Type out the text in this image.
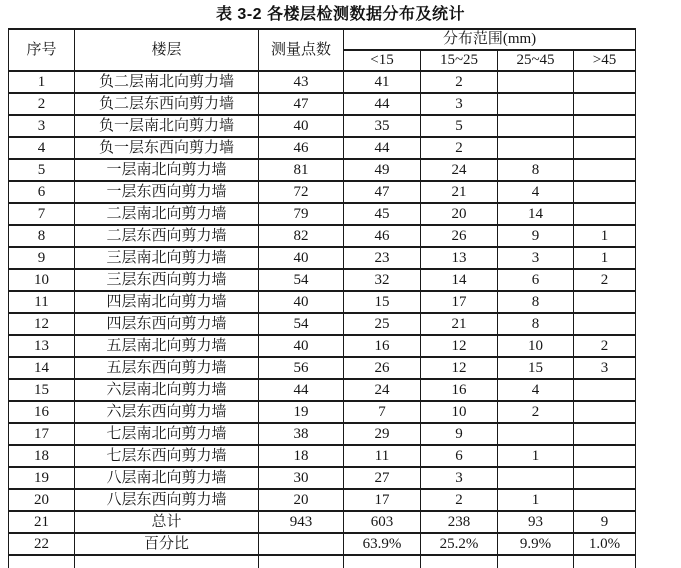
表 3-2 各楼层检测数据分布及统计
序号	楼层	测量点数	分布范围(mm)			
			<15	15~25	25~45	>45
1	负二层南北向剪力墙	43	41	2		
2	负二层东西向剪力墙	47	44	3		
3	负一层南北向剪力墙	40	35	5		
4	负一层东西向剪力墙	46	44	2		
5	一层南北向剪力墙	81	49	24	8	
6	一层东西向剪力墙	72	47	21	4	
7	二层南北向剪力墙	79	45	20	14	
8	二层东西向剪力墙	82	46	26	9	1
9	三层南北向剪力墙	40	23	13	3	1
10	三层东西向剪力墙	54	32	14	6	2
11	四层南北向剪力墙	40	15	17	8	
12	四层东西向剪力墙	54	25	21	8	
13	五层南北向剪力墙	40	16	12	10	2
14	五层东西向剪力墙	56	26	12	15	3
15	六层南北向剪力墙	44	24	16	4	
16	六层东西向剪力墙	19	7	10	2	
17	七层南北向剪力墙	38	29	9		
18	七层东西向剪力墙	18	11	6	1	
19	八层南北向剪力墙	30	27	3		
20	八层东西向剪力墙	20	17	2	1	
21	总计	943	603	238	93	9
22	百分比		63.9%	25.2%	9.9%	1.0%
